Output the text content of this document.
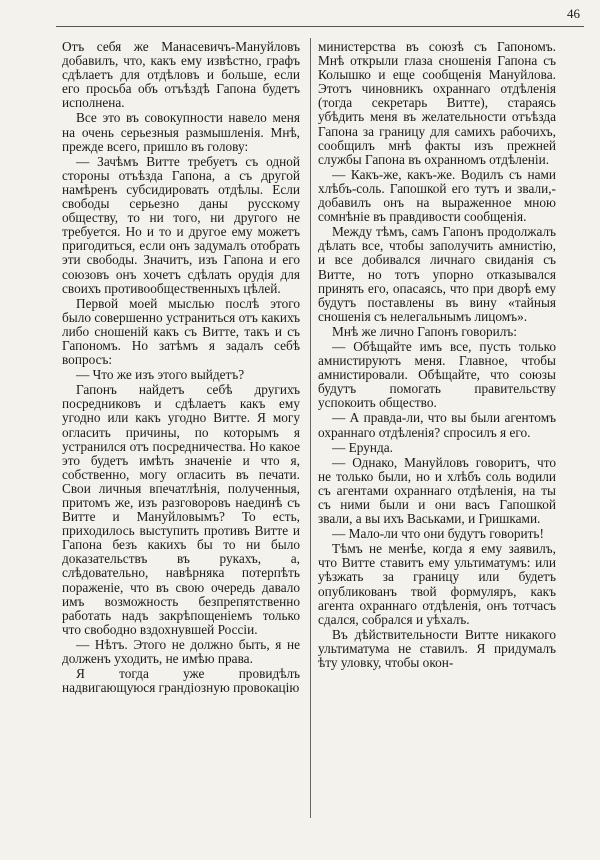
46

Отъ себя же Манасевичъ-Мануйловъ добавилъ, что, какъ ему извѣстно, графъ сдѣлаетъ для отдѣловъ и больше, если его просьба объ отъѣздѣ Гапона будетъ исполнена.

Все это въ совокупности навело меня на очень серьезныя размышленія. Мнѣ, прежде всего, пришло въ голову:

— Зачѣмъ Витте требуетъ съ одной стороны отъѣзда Гапона, а съ другой намѣренъ субсидировать отдѣлы. Если свободы серьезно даны русскому обществу, то ни того, ни другого не требуется. Но и то и другое ему можетъ пригодиться, если онъ задумалъ отобрать эти свободы. Значитъ, изъ Гапона и его союзовъ онъ хочетъ сдѣлать орудія для своихъ противообщественныхъ цѣлей.

Первой моей мыслью послѣ этого было совершенно устраниться отъ какихъ либо сношеній какъ съ Витте, такъ и съ Гапономъ. Но затѣмъ я задалъ себѣ вопросъ:

— Что же изъ этого выйдетъ?

Гапонъ найдетъ себѣ другихъ посредниковъ и сдѣлаетъ какъ ему угодно или какъ угодно Витте. Я могу огласить причины, по которымъ я устранился отъ посредничества. Но какое это будетъ имѣть значеніе и что я, собственно, могу огласить въ печати. Свои личныя впечатлѣнія, полученныя, притомъ же, изъ разговоровъ наединѣ съ Витте и Мануйловымъ? То есть, приходилось выступить противъ Витте и Гапона безъ какихъ бы то ни было доказательствъ въ рукахъ, а, слѣдовательно, навѣрняка потерпѣть пораженіе, что въ свою очередь давало имъ возможность безпрепятственно работать надъ закрѣпощеніемъ только что свободно вздохнувшей Россіи.

— Нѣтъ. Этого не должно быть, я не долженъ уходить, не имѣю права.

Я тогда уже провидѣлъ надвигающуюся грандіозную провокацію

министерства въ союзѣ съ Гапономъ. Мнѣ открыли глаза сношенія Гапона съ Колышко и еще сообщенія Мануйлова. Этотъ чиновникъ охраннаго отдѣленія (тогда секретарь Витте), стараясь убѣдить меня въ желательности отъѣзда Гапона за границу для самихъ рабочихъ, сообщилъ мнѣ факты изъ прежней службы Гапона въ охранномъ отдѣленіи.

— Какъ-же, какъ-же. Водилъ съ нами хлѣбъ-соль. Гапошкой его тутъ и звали,- добавилъ онъ на выраженное мною сомнѣніе въ правдивости сообщенія.

Между тѣмъ, самъ Гапонъ продолжалъ дѣлать все, чтобы заполучить амнистію, и все добивался личнаго свиданія съ Витте, но тотъ упорно отказывался принять его, опасаясь, что при дворѣ ему будутъ поставлены въ вину «тайныя сношенія съ нелегальнымъ лицомъ».

Мнѣ же лично Гапонъ говорилъ:

— Обѣщайте имъ все, пусть только амнистируютъ меня. Главное, чтобы амнистировали. Обѣщайте, что союзы будутъ помогать правительству успокоить общество.

— А правда-ли, что вы были агентомъ охраннаго отдѣленія? спросилъ я его.

— Ерунда.

— Однако, Мануйловъ говоритъ, что не только были, но и хлѣбъ соль водили съ агентами охраннаго отдѣленія, на ты съ ними были и они васъ Гапошкой звали, а вы ихъ Васьками, и Гришками.

— Мало-ли что они будутъ говорить!

Тѣмъ не менѣе, когда я ему заявилъ, что Витте ставитъ ему ультиматумъ: или уѣзжать за границу или будетъ опубликованъ твой формуляръ, какъ агента охраннаго отдѣленія, онъ тотчасъ сдался, собрался и уѣхалъ.

Въ дѣйствительности Витте никакого ультиматума не ставилъ. Я придумалъ ѣту уловку, чтобы окон-
